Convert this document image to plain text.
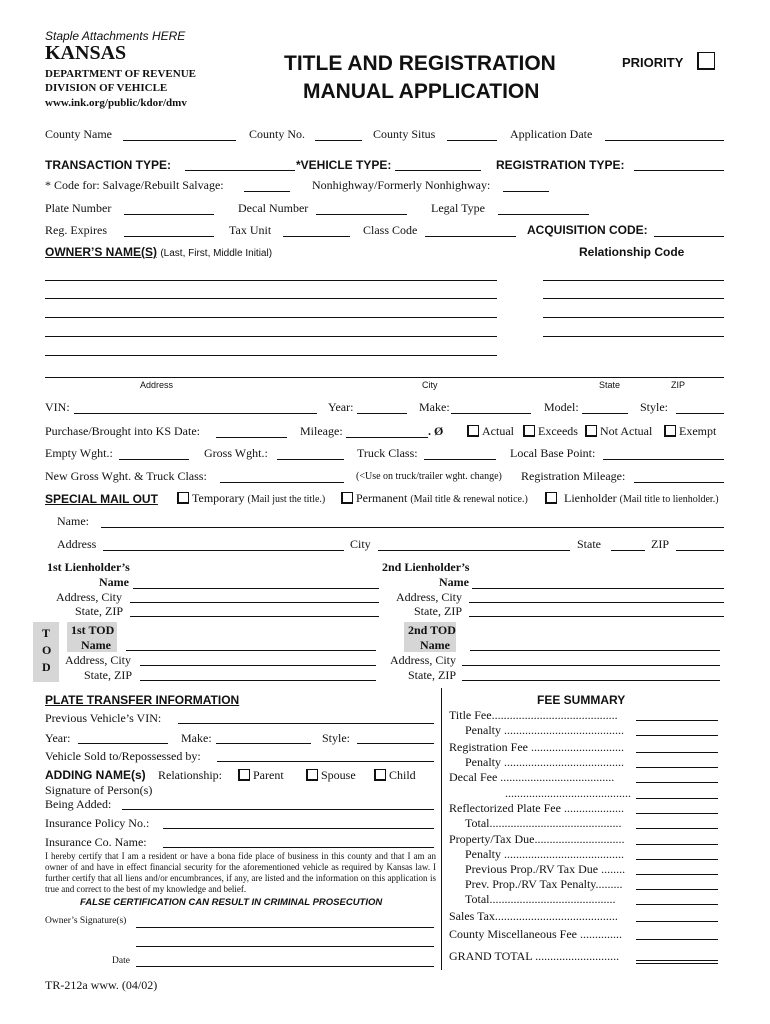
Staple Attachments HERE
KANSAS
DEPARTMENT OF REVENUE
DIVISION OF VEHICLE
www.ink.org/public/kdor/dmv
TITLE AND REGISTRATION
MANUAL APPLICATION
PRIORITY
County Name	County No.	County Situs	Application Date
TRANSACTION TYPE:	*VEHICLE TYPE:	REGISTRATION TYPE:
* Code for: Salvage/Rebuilt Salvage:	Nonhighway/Formerly Nonhighway:
Plate Number	Decal Number	Legal Type
Reg. Expires	Tax Unit	Class Code	ACQUISITION CODE:
OWNER’S NAME(S) (Last, First, Middle Initial)	Relationship Code
Address	City	State	ZIP
VIN:	Year:	Make:	Model:	Style:
Purchase/Brought into KS Date:	Mileage:	. Ø	Actual Exceeds Not Actual Exempt
Empty Wght.:	Gross Wght.:	Truck Class:	Local Base Point:
New Gross Wght. & Truck Class:	(<Use on truck/trailer wght. change) Registration Mileage:
SPECIAL MAIL OUT	Temporary (Mail just the title.)	Permanent (Mail title & renewal notice.)	Lienholder (Mail title to lienholder.)
Name:
Address	City	State	ZIP
1st Lienholder’s
Name
Address, City
State, ZIP
2nd Lienholder’s
Name
Address, City
State, ZIP
T
O
D
1st TOD
Name
Address, City
State, ZIP
2nd TOD
Name
Address, City
State, ZIP
PLATE TRANSFER INFORMATION
Previous Vehicle’s VIN:
Year:	Make:	Style:
Vehicle Sold to/Repossessed by:
ADDING NAME(s) Relationship:	Parent	Spouse	Child
Signature of Person(s)
Being Added:
Insurance Policy No.:
Insurance Co. Name:
I hereby certify that I am a resident or have a bona fide place of business in this county and that I am an owner of and have in effect financial security for the aforementioned vehicle as required by Kansas law. I further certify that all liens and/or encumbrances, if any, are listed and the information on this application is true and correct to the best of my knowledge and belief.
FALSE CERTIFICATION CAN RESULT IN CRIMINAL PROSECUTION
Owner’s Signature(s)
Date
TR-212a www. (04/02)
FEE SUMMARY
Title Fee..........................................
Penalty ........................................
Registration Fee ...............................
Penalty ........................................
Decal Fee ......................................
..........................................
Reflectorized Plate Fee ....................
Total............................................
Property/Tax Due..............................
Penalty ........................................
Previous Prop./RV Tax Due ........
Prev. Prop./RV Tax Penalty.........
Total..........................................
Sales Tax.........................................
County Miscellaneous Fee ..............
GRAND TOTAL ............................
